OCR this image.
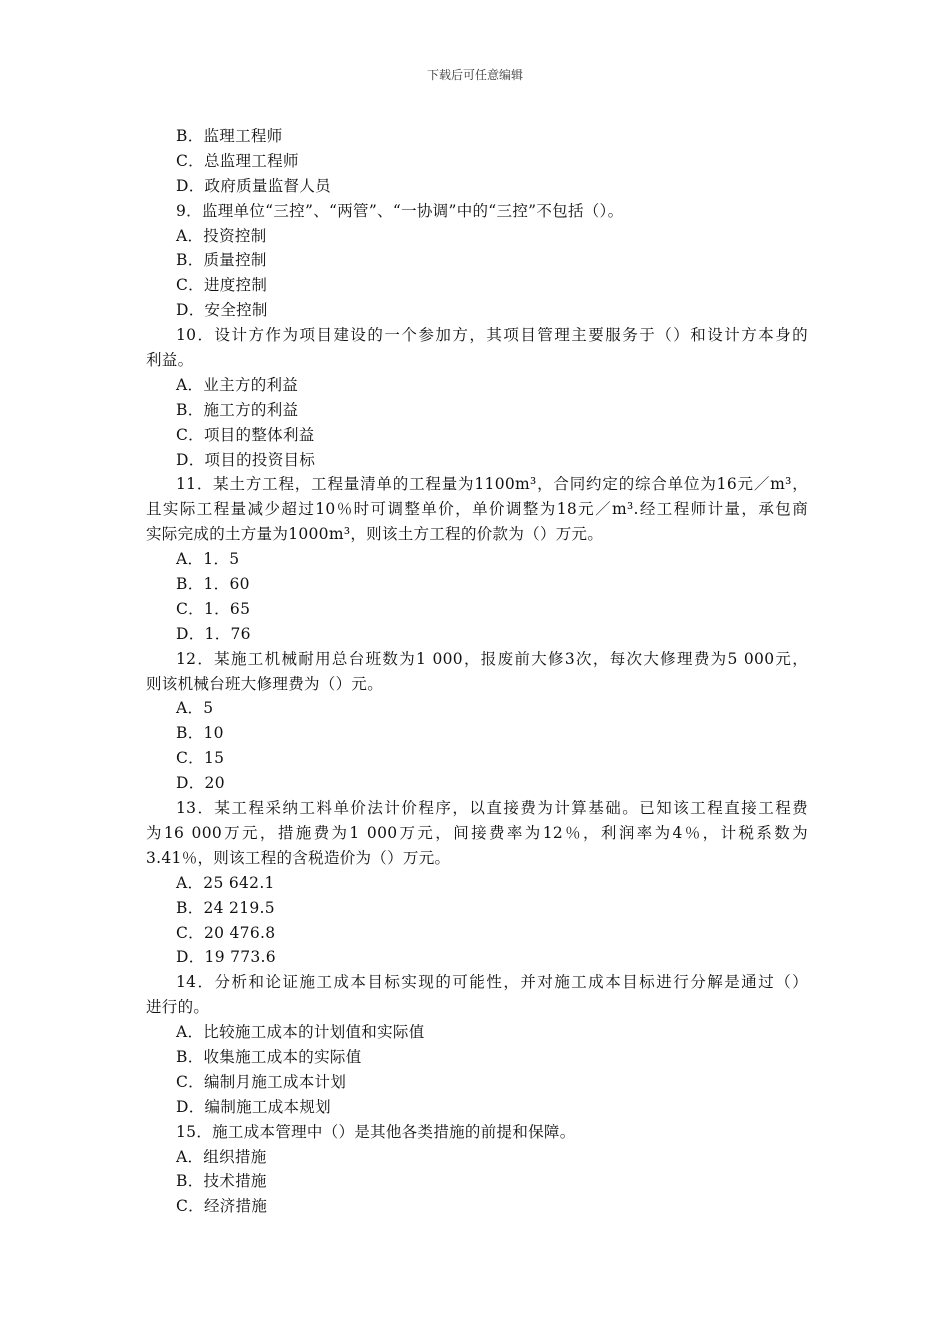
下载后可任意编辑
B．监理工程师
C．总监理工程师
D．政府质量监督人员
9．监理单位“三控”、“两管”、“一协调”中的“三控”不包括（）。
A．投资控制
B．质量控制
C．进度控制
D．安全控制
10．设计方作为项目建设的一个参加方，其项目管理主要服务于（）和设计方本身的
利益。
A．业主方的利益
B．施工方的利益
C．项目的整体利益
D．项目的投资目标
11．某土方工程，工程量清单的工程量为1100m³，合同约定的综合单位为16元／m³，
且实际工程量减少超过10％时可调整单价，单价调整为18元／m³.经工程师计量，承包商
实际完成的土方量为1000m³，则该土方工程的价款为（）万元。
A．1．5
B．1．60
C．1．65
D．1．76
12．某施工机械耐用总台班数为1 000，报废前大修3次，每次大修理费为5 000元，
则该机械台班大修理费为（）元。
A．5
B．10
C．15
D．20
13．某工程采纳工料单价法计价程序，以直接费为计算基础。已知该工程直接工程费
为16 000万元，措施费为1 000万元，间接费率为12％，利润率为4％，计税系数为
3.41％，则该工程的含税造价为（）万元。
A．25 642.1
B．24 219.5
C．20 476.8
D．19 773.6
14．分析和论证施工成本目标实现的可能性，并对施工成本目标进行分解是通过（）
进行的。
A．比较施工成本的计划值和实际值
B．收集施工成本的实际值
C．编制月施工成本计划
D．编制施工成本规划
15．施工成本管理中（）是其他各类措施的前提和保障。
A．组织措施
B．技术措施
C．经济措施
